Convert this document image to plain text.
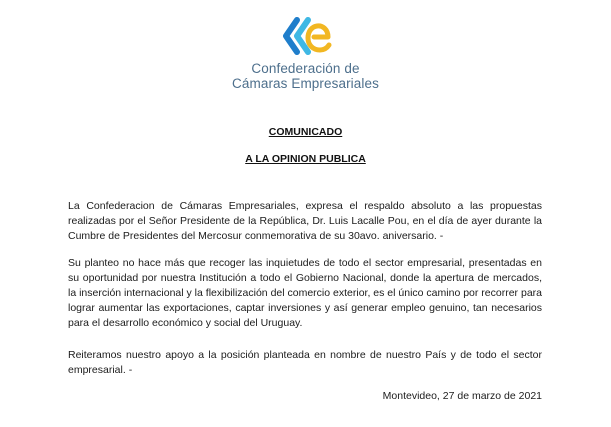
Confederación de
Cámaras Empresariales
COMUNICADO
A LA OPINION PUBLICA

La Confederacion de Cámaras Empresariales, expresa el respaldo absoluto a las propuestas realizadas por el Señor Presidente de la República, Dr. Luis Lacalle Pou, en el día de ayer durante la Cumbre de Presidentes del Mercosur conmemorativa de su 30avo. aniversario. -

Su planteo no hace más que recoger las inquietudes de todo el sector empresarial, presentadas en su oportunidad por nuestra Institución a todo el Gobierno Nacional, donde la apertura de mercados, la inserción internacional y la flexibilización del comercio exterior, es el único camino por recorrer para lograr aumentar las exportaciones, captar inversiones y así generar empleo genuino, tan necesarios para el desarrollo económico y social del Uruguay.

Reiteramos nuestro apoyo a la posición planteada en nombre de nuestro País y de todo el sector empresarial. -

Montevideo, 27 de marzo de 2021
